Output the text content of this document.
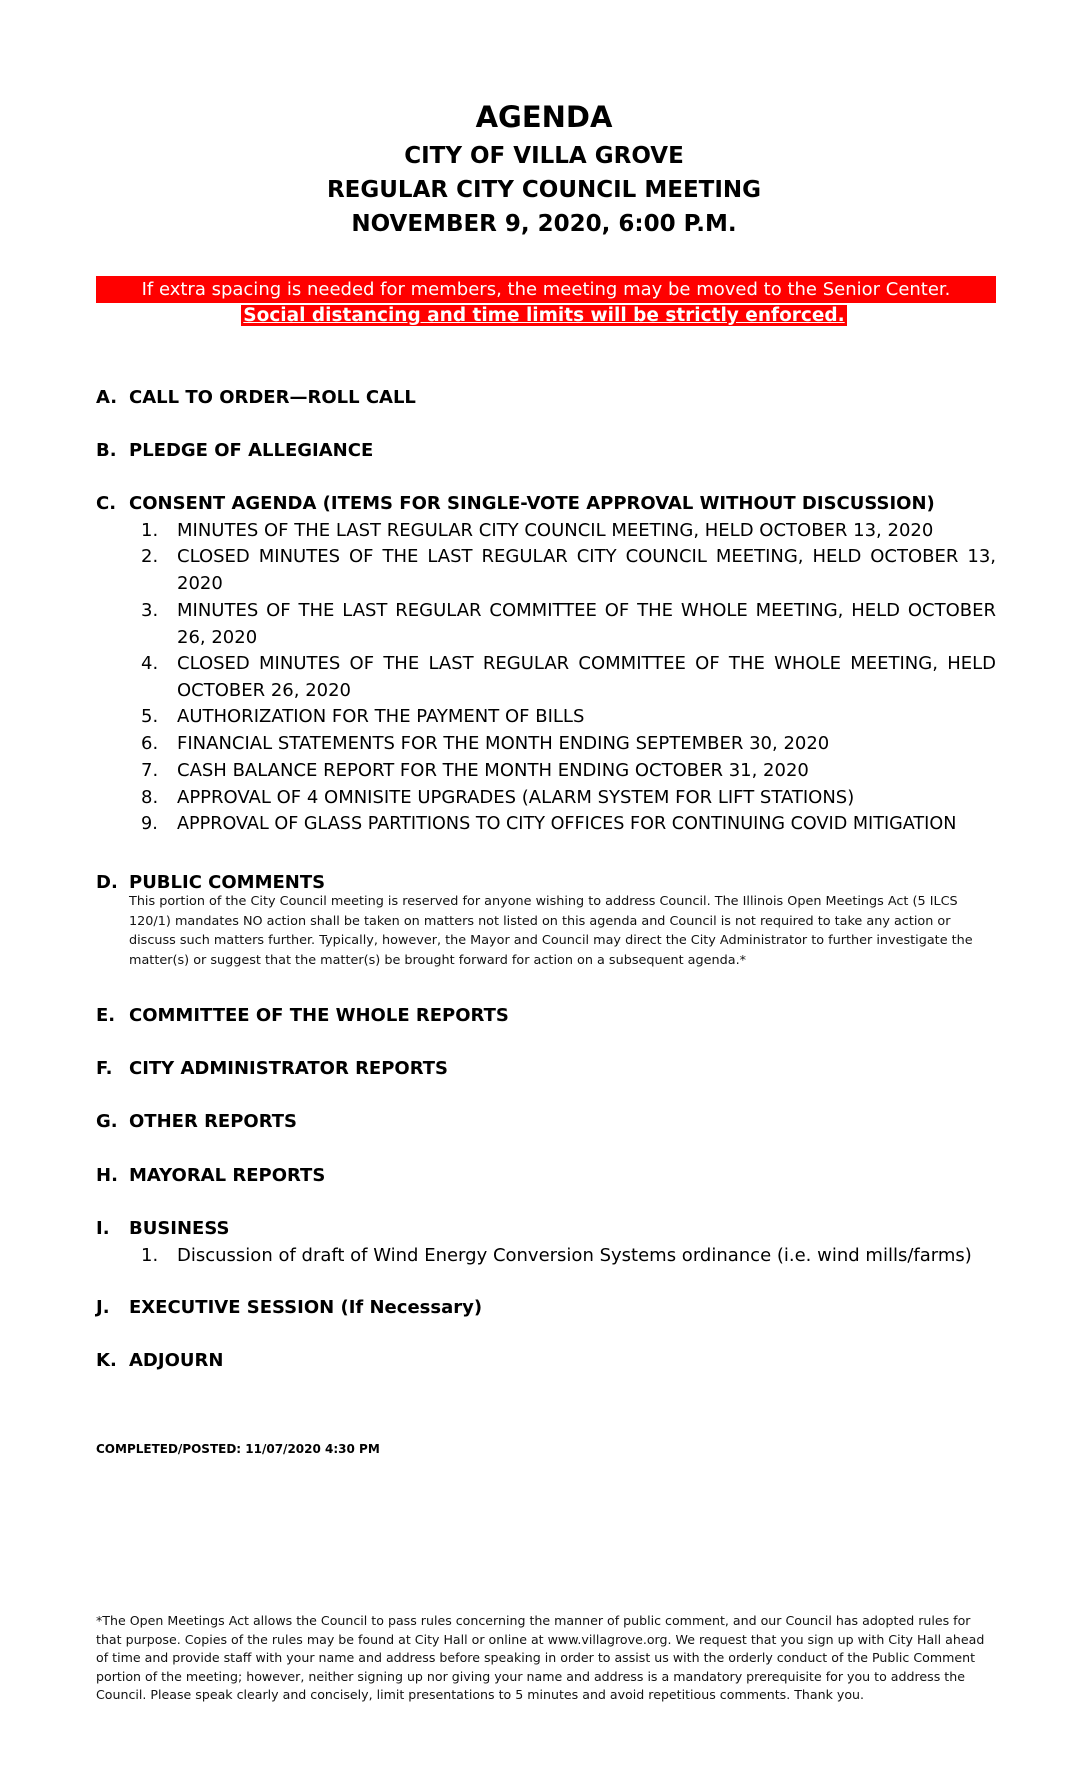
AGENDA
CITY OF VILLA GROVE
REGULAR CITY COUNCIL MEETING
NOVEMBER 9, 2020, 6:00 P.M.
If extra spacing is needed for members, the meeting may be moved to the Senior Center.
Social distancing and time limits will be strictly enforced.
A. CALL TO ORDER—ROLL CALL
B. PLEDGE OF ALLEGIANCE
C. CONSENT AGENDA (ITEMS FOR SINGLE-VOTE APPROVAL WITHOUT DISCUSSION)
1.	MINUTES OF THE LAST REGULAR CITY COUNCIL MEETING, HELD OCTOBER 13, 2020
2.	CLOSED MINUTES OF THE LAST REGULAR CITY COUNCIL MEETING, HELD OCTOBER 13, 2020
3.	MINUTES OF THE LAST REGULAR COMMITTEE OF THE WHOLE MEETING, HELD OCTOBER 26, 2020
4.	CLOSED MINUTES OF THE LAST REGULAR COMMITTEE OF THE WHOLE MEETING, HELD OCTOBER 26, 2020
5.	AUTHORIZATION FOR THE PAYMENT OF BILLS
6.	FINANCIAL STATEMENTS FOR THE MONTH ENDING SEPTEMBER 30, 2020
7.	CASH BALANCE REPORT FOR THE MONTH ENDING OCTOBER 31, 2020
8.	APPROVAL OF 4 OMNISITE UPGRADES (ALARM SYSTEM FOR LIFT STATIONS)
9.	APPROVAL OF GLASS PARTITIONS TO CITY OFFICES FOR CONTINUING COVID MITIGATION
D. PUBLIC COMMENTS
This portion of the City Council meeting is reserved for anyone wishing to address Council. The Illinois Open Meetings Act (5 ILCS 120/1) mandates NO action shall be taken on matters not listed on this agenda and Council is not required to take any action or discuss such matters further. Typically, however, the Mayor and Council may direct the City Administrator to further investigate the matter(s) or suggest that the matter(s) be brought forward for action on a subsequent agenda.*
E. COMMITTEE OF THE WHOLE REPORTS
F. CITY ADMINISTRATOR REPORTS
G. OTHER REPORTS
H. MAYORAL REPORTS
I. BUSINESS
1.	Discussion of draft of Wind Energy Conversion Systems ordinance (i.e. wind mills/farms)
J. EXECUTIVE SESSION (If Necessary)
K. ADJOURN
COMPLETED/POSTED: 11/07/2020 4:30 PM
*The Open Meetings Act allows the Council to pass rules concerning the manner of public comment, and our Council has adopted rules for that purpose. Copies of the rules may be found at City Hall or online at www.villagrove.org. We request that you sign up with City Hall ahead of time and provide staff with your name and address before speaking in order to assist us with the orderly conduct of the Public Comment portion of the meeting; however, neither signing up nor giving your name and address is a mandatory prerequisite for you to address the Council. Please speak clearly and concisely, limit presentations to 5 minutes and avoid repetitious comments. Thank you.
